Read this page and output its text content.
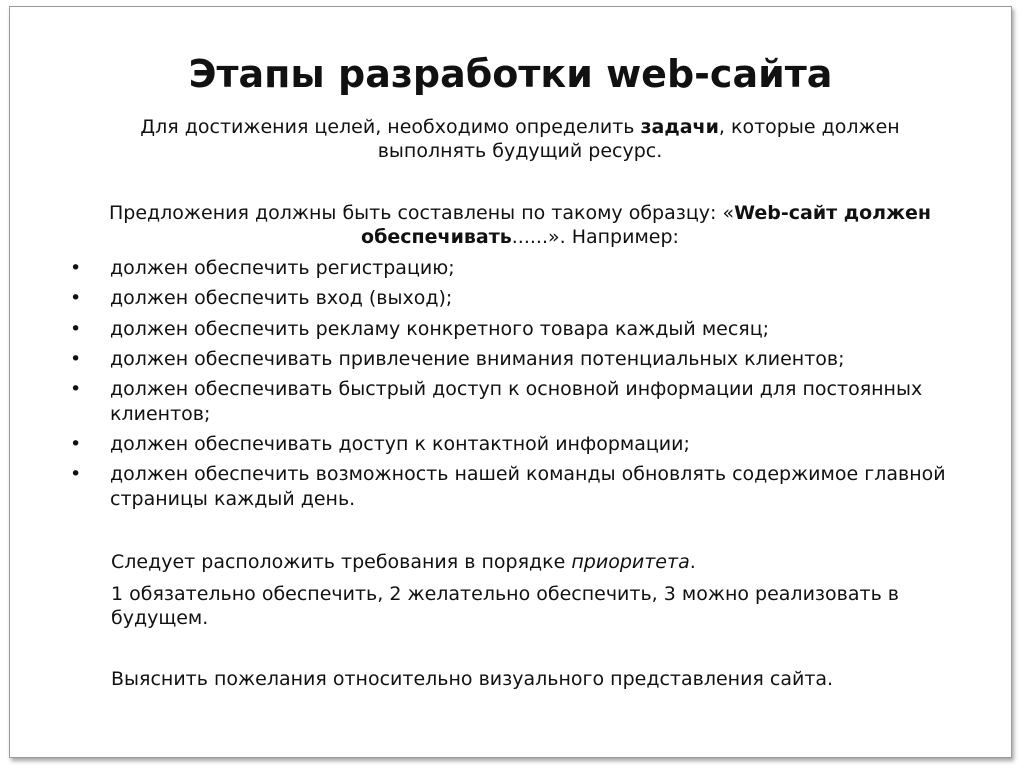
Этапы разработки web-сайта
Для достижения целей, необходимо определить задачи, которые должен выполнять будущий ресурс.
Предложения должны быть составлены по такому образцу: «Web-сайт должен обеспечивать......». Например:
• должен обеспечить регистрацию;
• должен обеспечить вход (выход);
• должен обеспечить рекламу конкретного товара каждый месяц;
• должен обеспечивать привлечение внимания потенциальных клиентов;
• должен обеспечивать быстрый доступ к основной информации для постоянных клиентов;
• должен обеспечивать доступ к контактной информации;
• должен обеспечить возможность нашей команды обновлять содержимое главной страницы каждый день.
Следует расположить требования в порядке приоритета.
1 обязательно обеспечить, 2 желательно обеспечить, 3 можно реализовать в будущем.
Выяснить пожелания относительно визуального представления сайта.
